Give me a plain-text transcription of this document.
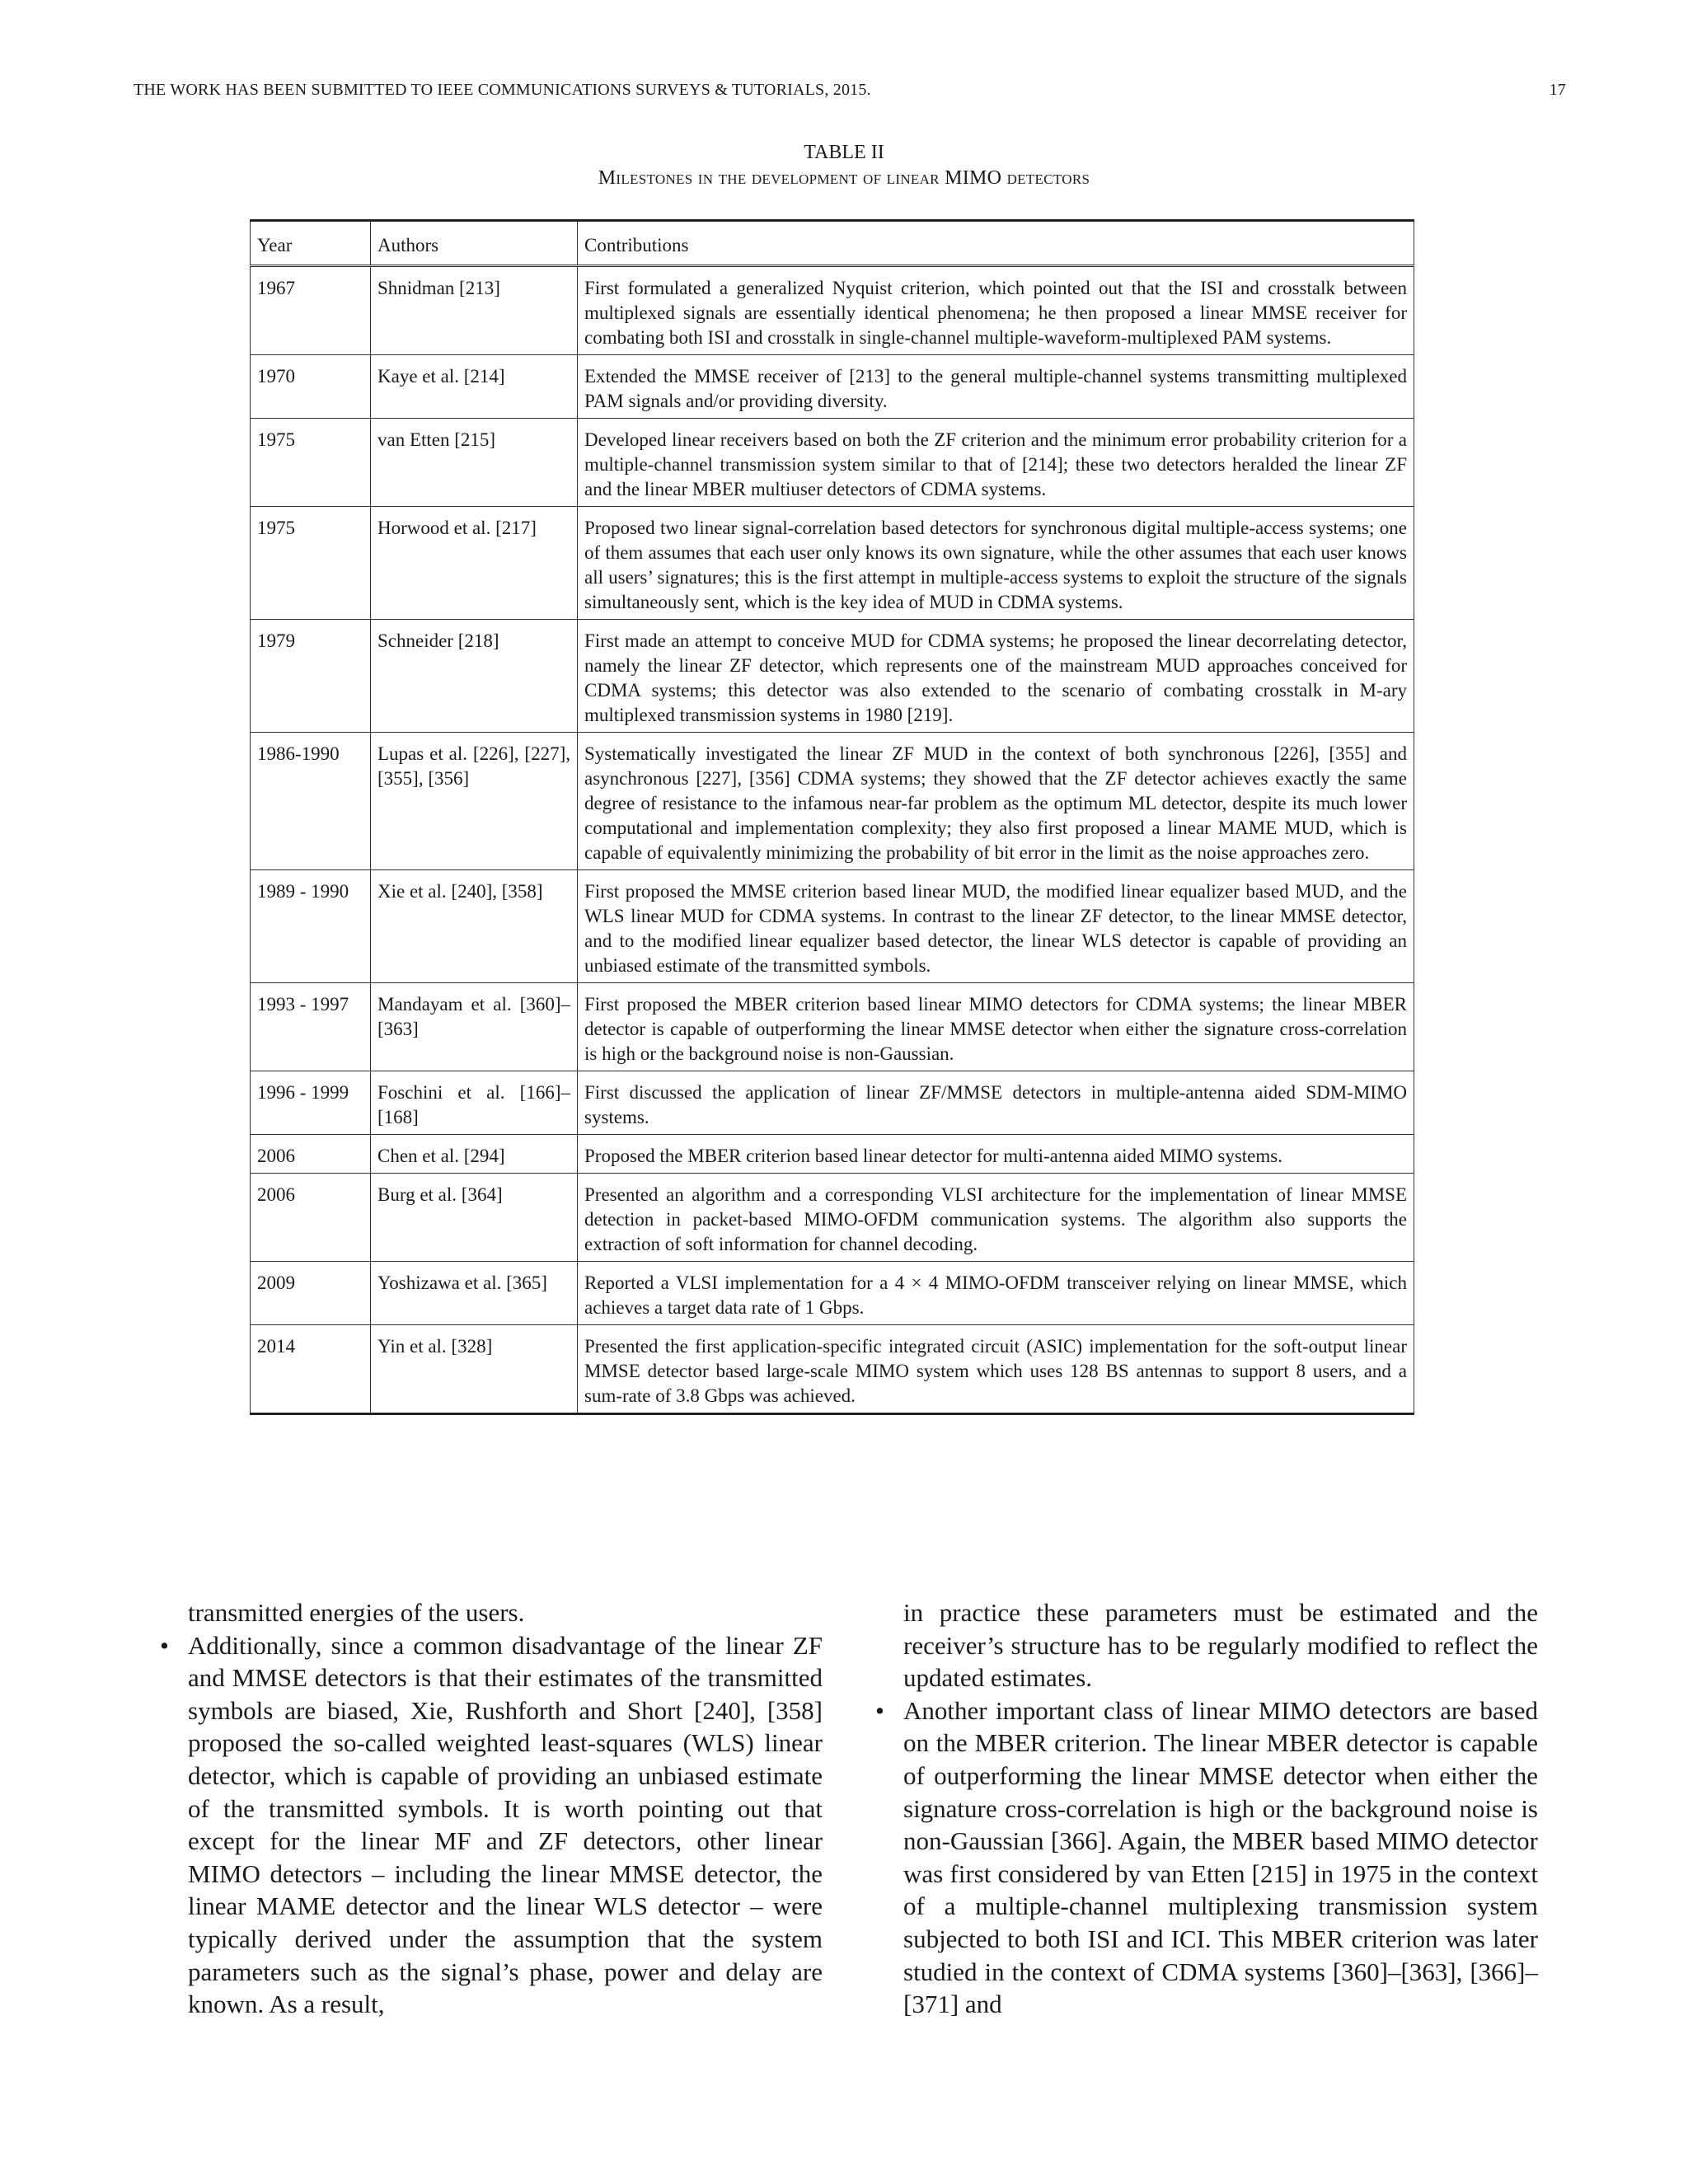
THE WORK HAS BEEN SUBMITTED TO IEEE COMMUNICATIONS SURVEYS & TUTORIALS, 2015.	17
TABLE II
Milestones in the development of linear MIMO detectors
Year	Authors	Contributions
1967	Shnidman [213]	First formulated a generalized Nyquist criterion, which pointed out that the ISI and crosstalk between multiplexed signals are essentially identical phenomena; he then proposed a linear MMSE receiver for combating both ISI and crosstalk in single-channel multiple-waveform-multiplexed PAM systems.
1970	Kaye et al. [214]	Extended the MMSE receiver of [213] to the general multiple-channel systems transmitting multiplexed PAM signals and/or providing diversity.
1975	van Etten [215]	Developed linear receivers based on both the ZF criterion and the minimum error probability criterion for a multiple-channel transmission system similar to that of [214]; these two detectors heralded the linear ZF and the linear MBER multiuser detectors of CDMA systems.
1975	Horwood et al. [217]	Proposed two linear signal-correlation based detectors for synchronous digital multiple-access systems; one of them assumes that each user only knows its own signature, while the other assumes that each user knows all users’ signatures; this is the first attempt in multiple-access systems to exploit the structure of the signals simultaneously sent, which is the key idea of MUD in CDMA systems.
1979	Schneider [218]	First made an attempt to conceive MUD for CDMA systems; he proposed the linear decorrelating detector, namely the linear ZF detector, which represents one of the mainstream MUD approaches conceived for CDMA systems; this detector was also extended to the scenario of combating crosstalk in M-ary multiplexed transmission systems in 1980 [219].
1986-1990	Lupas et al. [226], [227], [355], [356]	Systematically investigated the linear ZF MUD in the context of both synchronous [226], [355] and asynchronous [227], [356] CDMA systems; they showed that the ZF detector achieves exactly the same degree of resistance to the infamous near-far problem as the optimum ML detector, despite its much lower computational and implementation complexity; they also first proposed a linear MAME MUD, which is capable of equivalently minimizing the probability of bit error in the limit as the noise approaches zero.
1989 - 1990	Xie et al. [240], [358]	First proposed the MMSE criterion based linear MUD, the modified linear equalizer based MUD, and the WLS linear MUD for CDMA systems. In contrast to the linear ZF detector, to the linear MMSE detector, and to the modified linear equalizer based detector, the linear WLS detector is capable of providing an unbiased estimate of the transmitted symbols.
1993 - 1997	Mandayam et al. [360]–[363]	First proposed the MBER criterion based linear MIMO detectors for CDMA systems; the linear MBER detector is capable of outperforming the linear MMSE detector when either the signature cross-correlation is high or the background noise is non-Gaussian.
1996 - 1999	Foschini et al. [166]–[168]	First discussed the application of linear ZF/MMSE detectors in multiple-antenna aided SDM-MIMO systems.
2006	Chen et al. [294]	Proposed the MBER criterion based linear detector for multi-antenna aided MIMO systems.
2006	Burg et al. [364]	Presented an algorithm and a corresponding VLSI architecture for the implementation of linear MMSE detection in packet-based MIMO-OFDM communication systems. The algorithm also supports the extraction of soft information for channel decoding.
2009	Yoshizawa et al. [365]	Reported a VLSI implementation for a 4 × 4 MIMO-OFDM transceiver relying on linear MMSE, which achieves a target data rate of 1 Gbps.
2014	Yin et al. [328]	Presented the first application-specific integrated circuit (ASIC) implementation for the soft-output linear MMSE detector based large-scale MIMO system which uses 128 BS antennas to support 8 users, and a sum-rate of 3.8 Gbps was achieved.

transmitted energies of the users.

• Additionally, since a common disadvantage of the linear ZF and MMSE detectors is that their estimates of the transmitted symbols are biased, Xie, Rushforth and Short [240], [358] proposed the so-called weighted least-squares (WLS) linear detector, which is capable of providing an unbiased estimate of the transmitted symbols. It is worth pointing out that except for the linear MF and ZF detectors, other linear MIMO detectors – including the linear MMSE detector, the linear MAME detector and the linear WLS detector – were typically derived under the assumption that the system parameters such as the signal’s phase, power and delay are known. As a result,

in practice these parameters must be estimated and the receiver’s structure has to be regularly modified to reflect the updated estimates.

• Another important class of linear MIMO detectors are based on the MBER criterion. The linear MBER detector is capable of outperforming the linear MMSE detector when either the signature cross-correlation is high or the background noise is non-Gaussian [366]. Again, the MBER based MIMO detector was first considered by van Etten [215] in 1975 in the context of a multiple-channel multiplexing transmission system subjected to both ISI and ICI. This MBER criterion was later studied in the context of CDMA systems [360]–[363], [366]–[371] and
